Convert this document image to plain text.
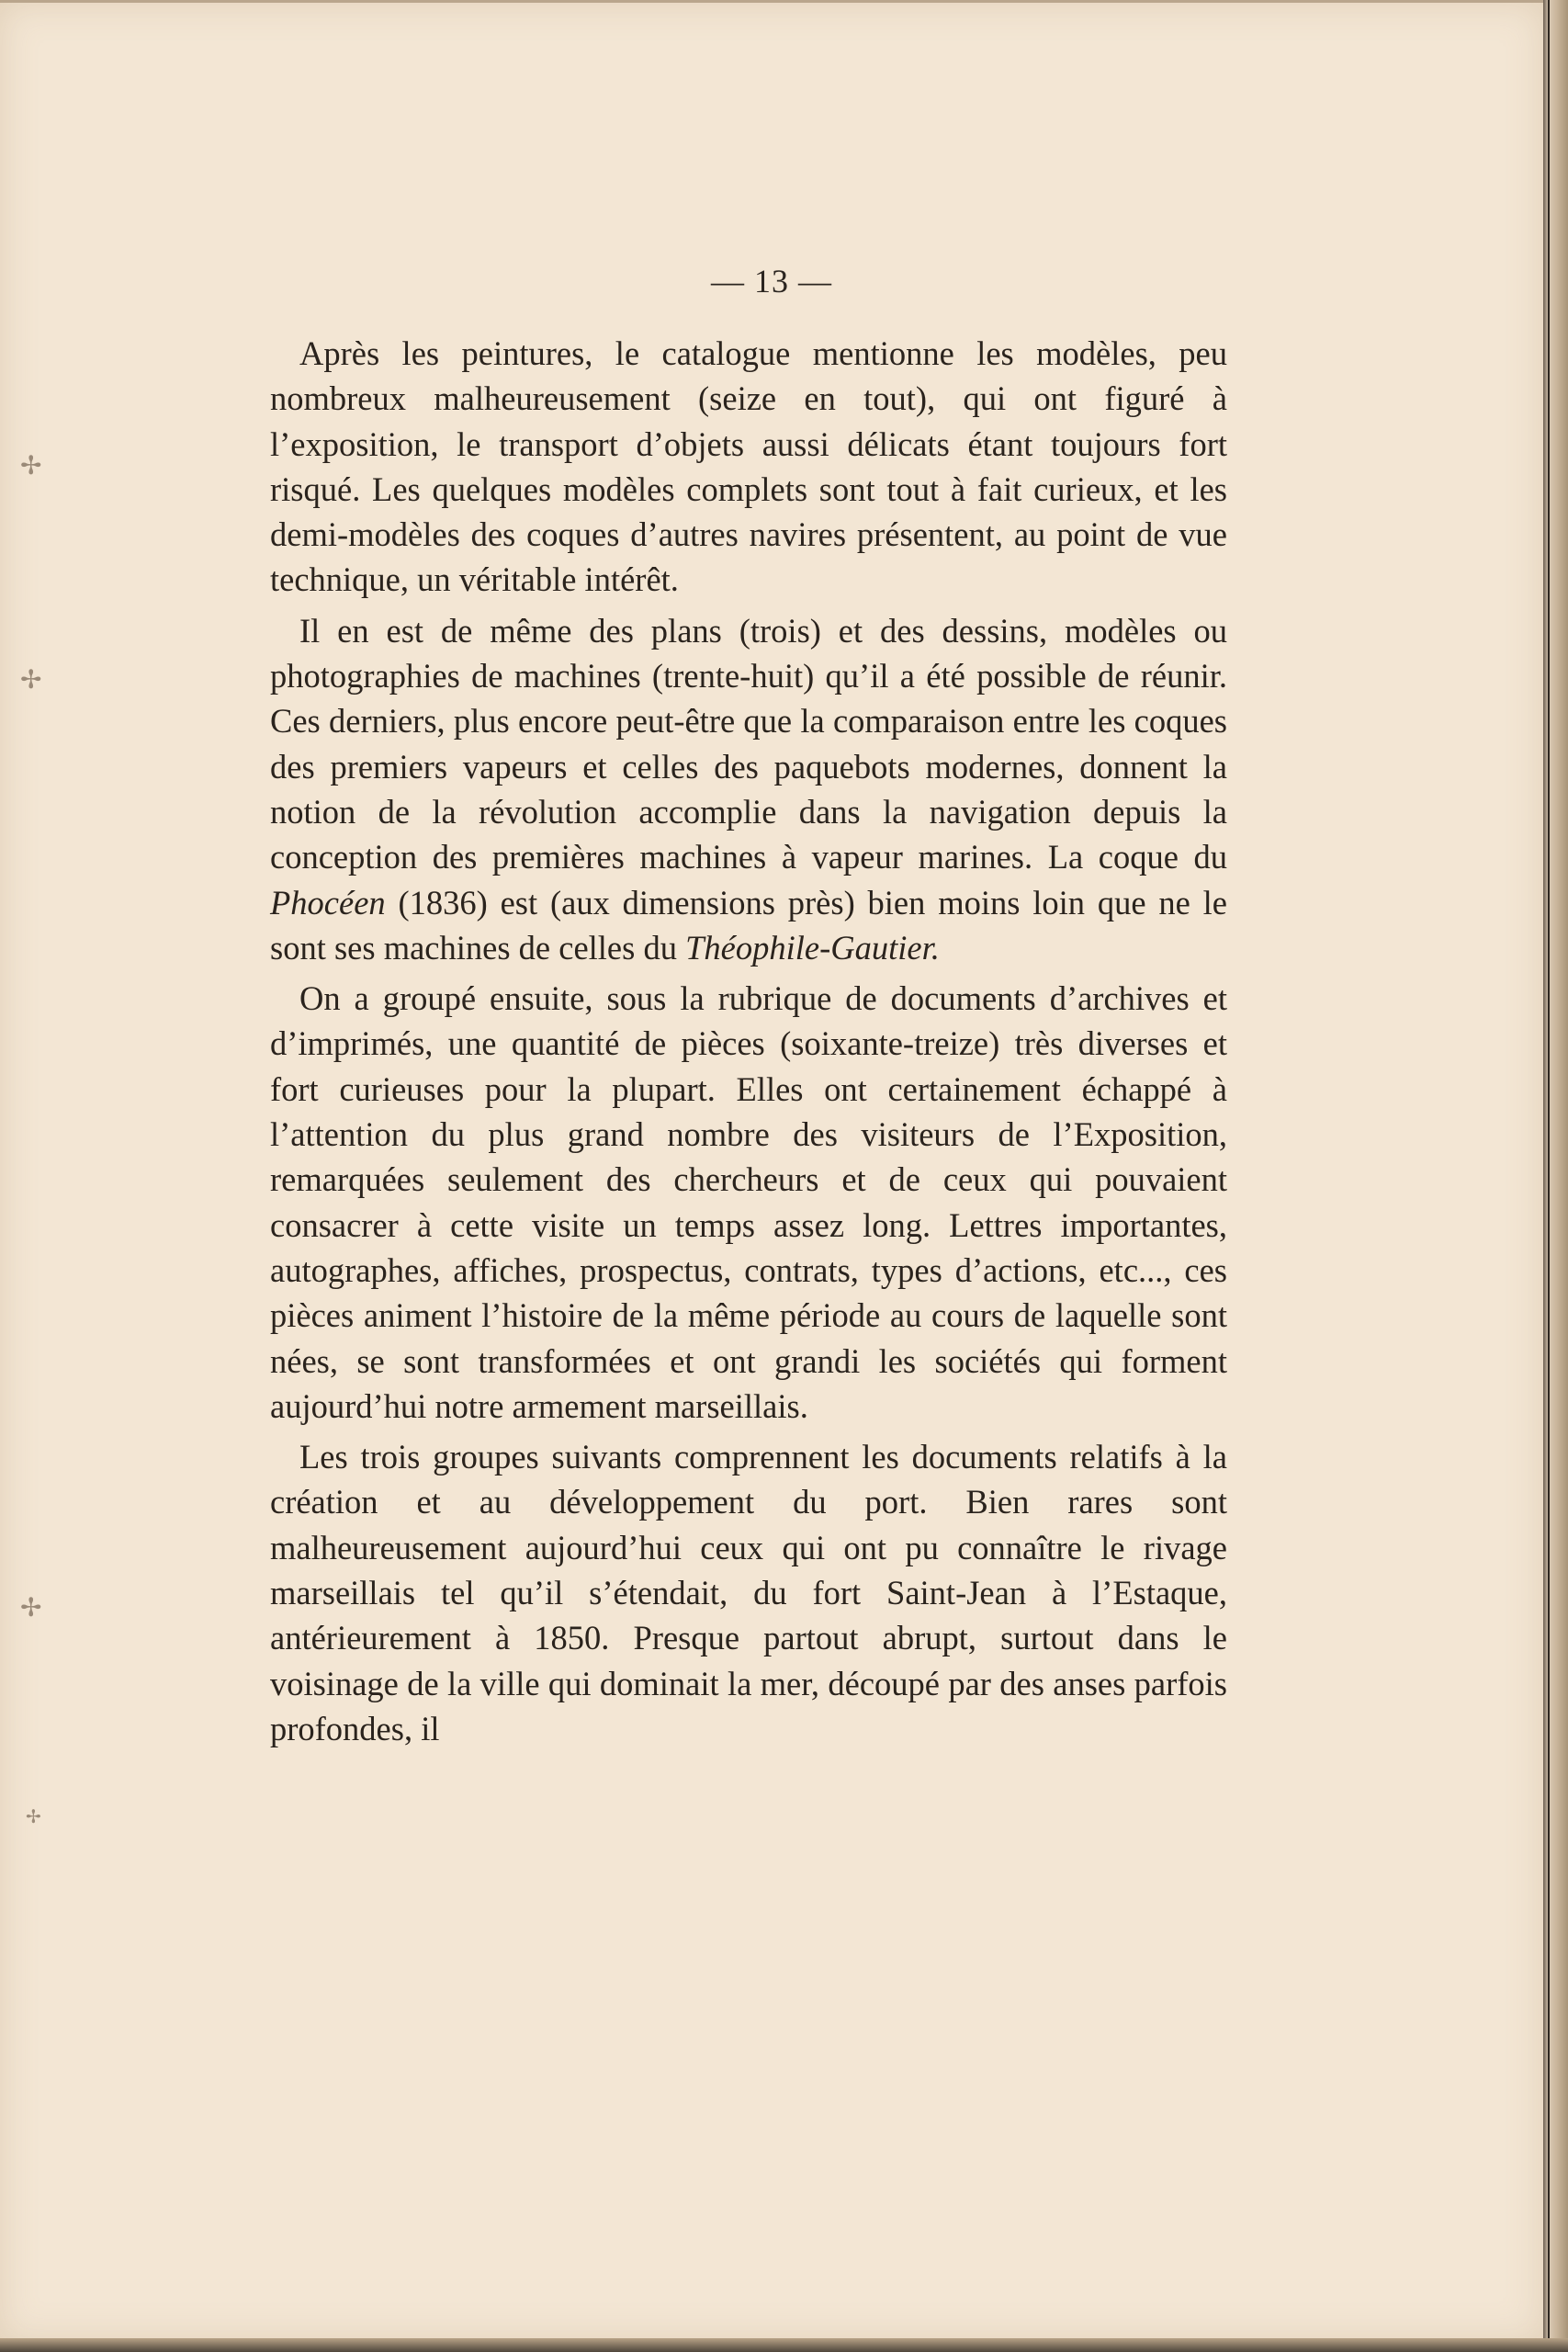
— 13 —

Après les peintures, le catalogue mentionne les modèles, peu nombreux malheureusement (seize en tout), qui ont figuré à l’exposition, le transport d’objets aussi délicats étant toujours fort risqué. Les quelques modèles complets sont tout à fait curieux, et les demi-modèles des coques d’autres navires présentent, au point de vue technique, un véritable intérêt.

Il en est de même des plans (trois) et des dessins, modèles ou photographies de machines (trente-huit) qu’il a été possible de réunir. Ces derniers, plus encore peut-être que la comparaison entre les coques des premiers vapeurs et celles des paquebots modernes, donnent la notion de la révolution accomplie dans la navigation depuis la conception des premières machines à vapeur marines. La coque du Phocéen (1836) est (aux dimensions près) bien moins loin que ne le sont ses machines de celles du Théophile-Gautier.

On a groupé ensuite, sous la rubrique de documents d’archives et d’imprimés, une quantité de pièces (soixante-treize) très diverses et fort curieuses pour la plupart. Elles ont certainement échappé à l’attention du plus grand nombre des visiteurs de l’Exposition, remarquées seulement des chercheurs et de ceux qui pouvaient consacrer à cette visite un temps assez long. Lettres importantes, autographes, affiches, prospectus, contrats, types d’actions, etc..., ces pièces animent l’histoire de la même période au cours de laquelle sont nées, se sont transformées et ont grandi les sociétés qui forment aujourd’hui notre armement marseillais.

Les trois groupes suivants comprennent les documents relatifs à la création et au développement du port. Bien rares sont malheureusement aujourd’hui ceux qui ont pu connaître le rivage marseillais tel qu’il s’étendait, du fort Saint-Jean à l’Estaque, antérieurement à 1850. Presque partout abrupt, surtout dans le voisinage de la ville qui dominait la mer, découpé par des anses parfois profondes, il

✢
✢
✢
✢
